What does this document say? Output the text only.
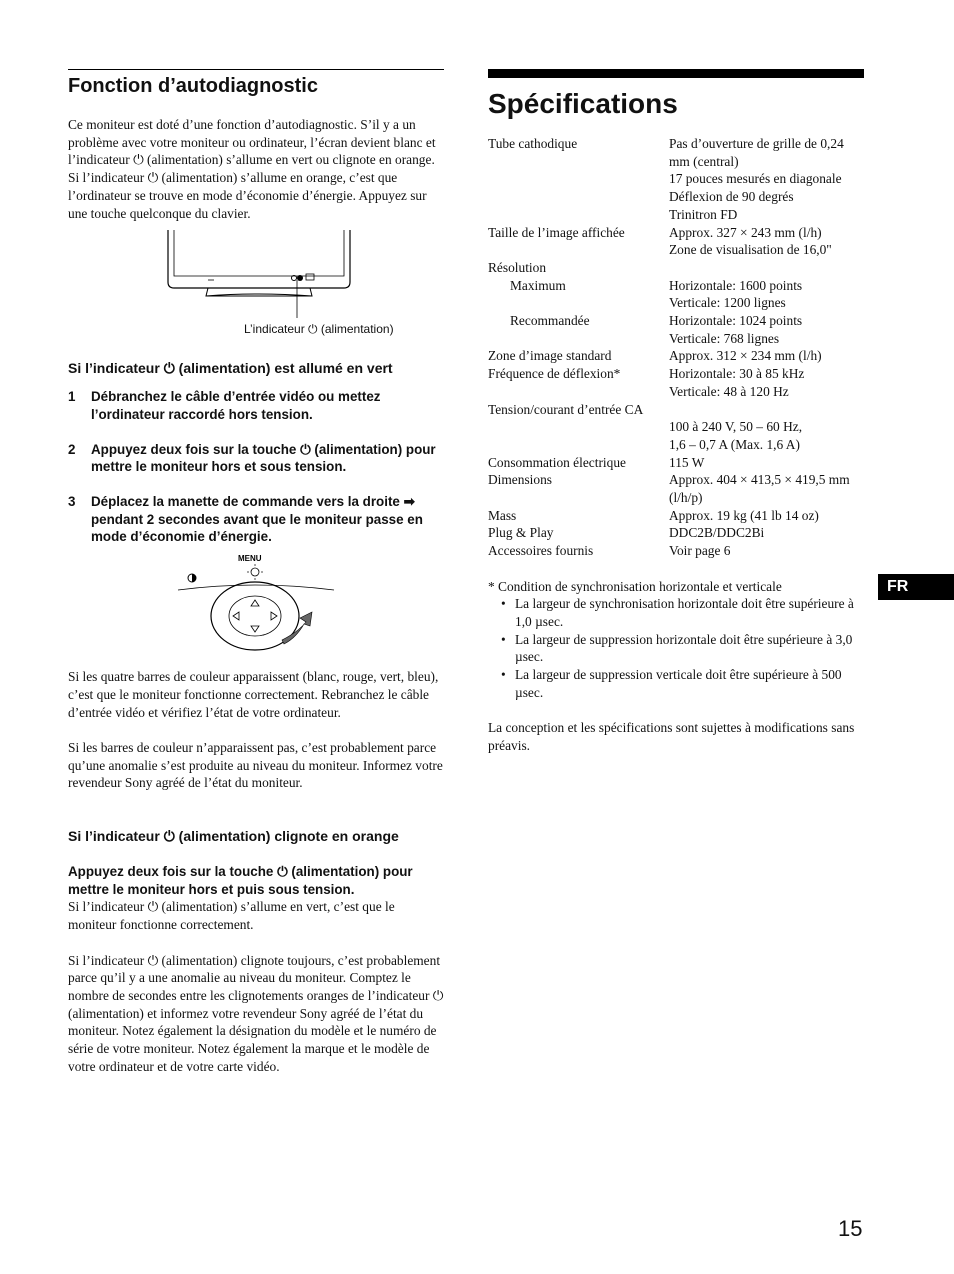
Fonction d’autodiagnostic

Ce moniteur est doté d’une fonction d’autodiagnostic. S’il y a un problème avec votre moniteur ou ordinateur, l’écran devient blanc et l’indicateur ⏻ (alimentation) s’allume en vert ou clignote en orange. Si l’indicateur ⏻ (alimentation) s’allume en orange, c’est que l’ordinateur se trouve en mode d’économie d’énergie. Appuyez sur une touche quelconque du clavier.

L’indicateur ⏻ (alimentation)

Si l’indicateur ⏻ (alimentation) est allumé en vert

1	Débranchez le câble d’entrée vidéo ou mettez l’ordinateur raccordé hors tension.
2	Appuyez deux fois sur la touche ⏻ (alimentation) pour mettre le moniteur hors et sous tension.
3	Déplacez la manette de commande vers la droite ➡ pendant 2 secondes avant que le moniteur passe en mode d’économie d’énergie.
MENU

Si les quatre barres de couleur apparaissent (blanc, rouge, vert, bleu), c’est que le moniteur fonctionne correctement. Rebranchez le câble d’entrée vidéo et vérifiez l’état de votre ordinateur.

Si les barres de couleur n’apparaissent pas, c’est probablement parce qu’une anomalie s’est produite au niveau du moniteur. Informez votre revendeur Sony agréé de l’état du moniteur.

Si l’indicateur ⏻ (alimentation) clignote en orange

Appuyez deux fois sur la touche ⏻ (alimentation) pour mettre le moniteur hors et puis sous tension.

Si l’indicateur ⏻ (alimentation) s’allume en vert, c’est que le moniteur fonctionne correctement.

Si l’indicateur ⏻ (alimentation) clignote toujours, c’est probablement parce qu’il y a une anomalie au niveau du moniteur. Comptez le nombre de secondes entre les clignotements oranges de l’indicateur ⏻ (alimentation) et informez votre revendeur Sony agréé de l’état du moniteur. Notez également la désignation du modèle et le numéro de série de votre moniteur. Notez également la marque et le modèle de votre ordinateur et de votre carte vidéo.

Spécifications
Tube cathodique	Pas d’ouverture de grille de 0,24 mm (central)
	17 pouces mesurés en diagonale
	Déflexion de 90 degrés
	Trinitron FD
Taille de l’image affichée	Approx. 327 × 243 mm (l/h)
	Zone de visualisation de 16,0"
Résolution	
Maximum	Horizontale: 1600 points
	Verticale: 1200 lignes
Recommandée	Horizontale: 1024 points
	Verticale: 768 lignes
Zone d’image standard	Approx. 312 × 234 mm (l/h)
Fréquence de déflexion*	Horizontale: 30 à 85 kHz
	Verticale: 48 à 120 Hz
Tension/courant d’entrée CA	
	100 à 240 V, 50 – 60 Hz,
	1,6 – 0,7 A (Max. 1,6 A)
Consommation électrique	115 W
Dimensions	Approx. 404 × 413,5 × 419,5 mm
	(l/h/p)
Mass	Approx. 19 kg (41 lb 14 oz)
Plug & Play	DDC2B/DDC2Bi
Accessoires fournis	Voir page 6

* Condition de synchronisation horizontale et verticale

• La largeur de synchronisation horizontale doit être supérieure à 1,0 µsec.
• La largeur de suppression horizontale doit être supérieure à 3,0 µsec.
• La largeur de suppression verticale doit être supérieure à 500 µsec.

La conception et les spécifications sont sujettes à modifications sans préavis.

FR
15
